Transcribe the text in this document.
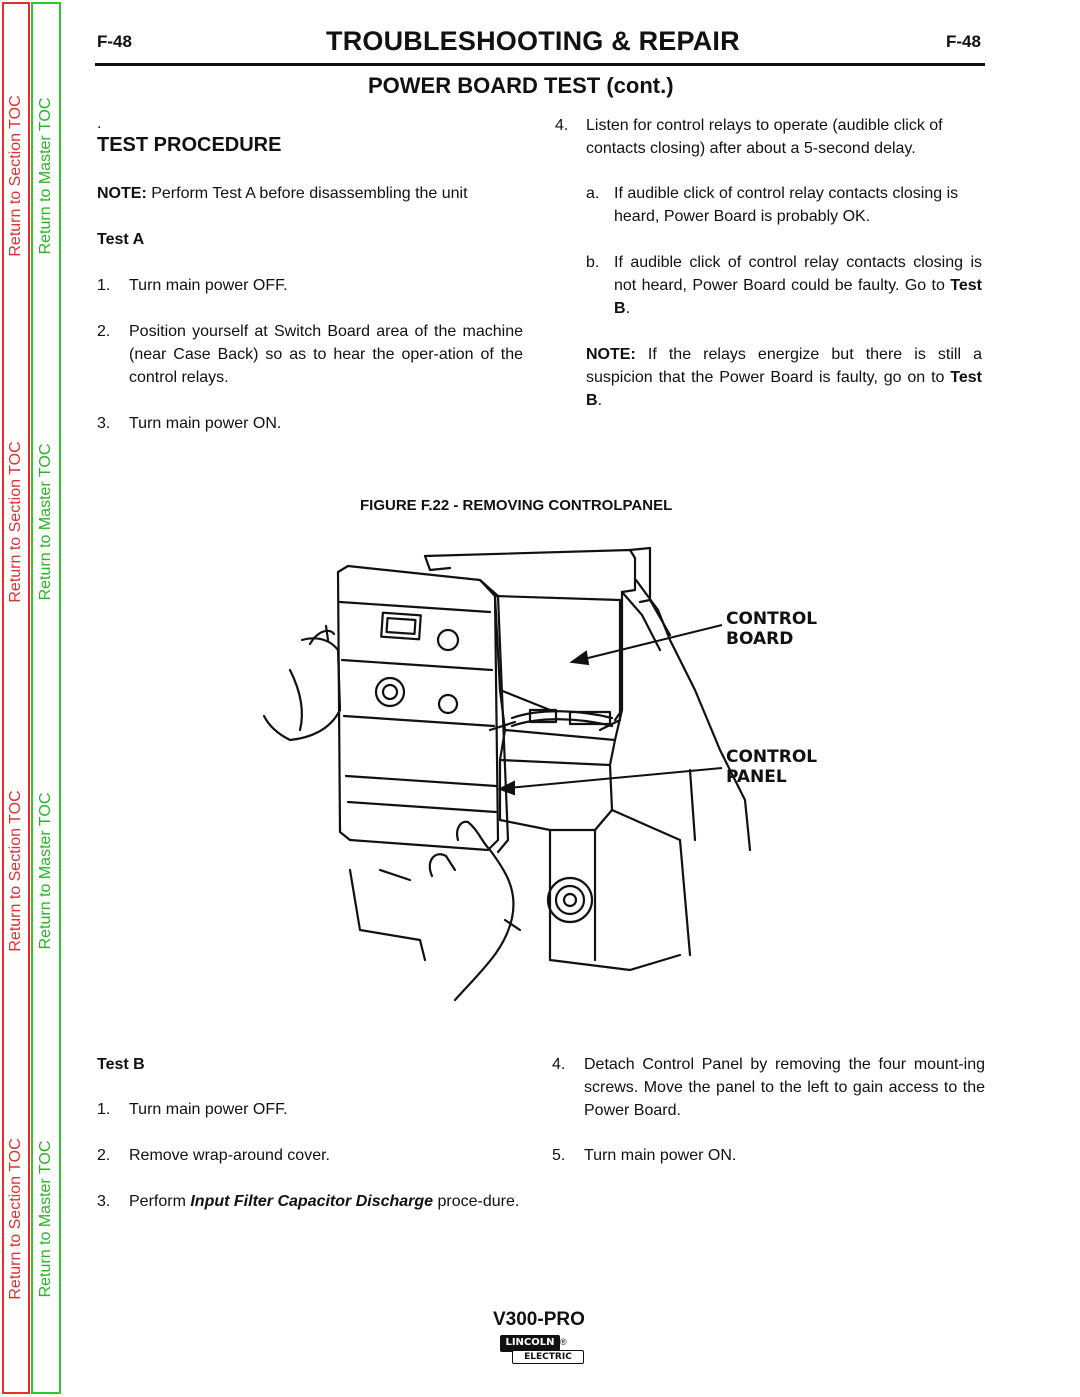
Return to Section TOC
Return to Section TOC
Return to Section TOC
Return to Section TOC
Return to Master TOC
Return to Master TOC
Return to Master TOC
Return to Master TOC
F-48	TROUBLESHOOTING & REPAIR	F-48
POWER BOARD TEST (cont.)
.
TEST PROCEDURE
NOTE: Perform Test A before disassembling the unit
Test A
1. Turn main power OFF.
2. Position yourself at Switch Board area of the machine (near Case Back) so as to hear the oper-ation of the control relays.
3. Turn main power ON.
4. Listen for control relays to operate (audible click of contacts closing) after about a 5-second delay.
a. If audible click of control relay contacts closing is heard, Power Board is probably OK.
b. If audible click of control relay contacts closing is not heard, Power Board could be faulty. Go to Test B.
NOTE: If the relays energize but there is still a suspicion that the Power Board is faulty, go on to Test B.
FIGURE F.22 - REMOVING CONTROLPANEL
CONTROL
BOARD
CONTROL
PANEL
Test B
1. Turn main power OFF.
2. Remove wrap-around cover.
3. Perform Input Filter Capacitor Discharge proce-dure.
4. Detach Control Panel by removing the four mount-ing screws. Move the panel to the left to gain access to the Power Board.
5. Turn main power ON.
V300-PRO
LINCOLN ®
ELECTRIC
